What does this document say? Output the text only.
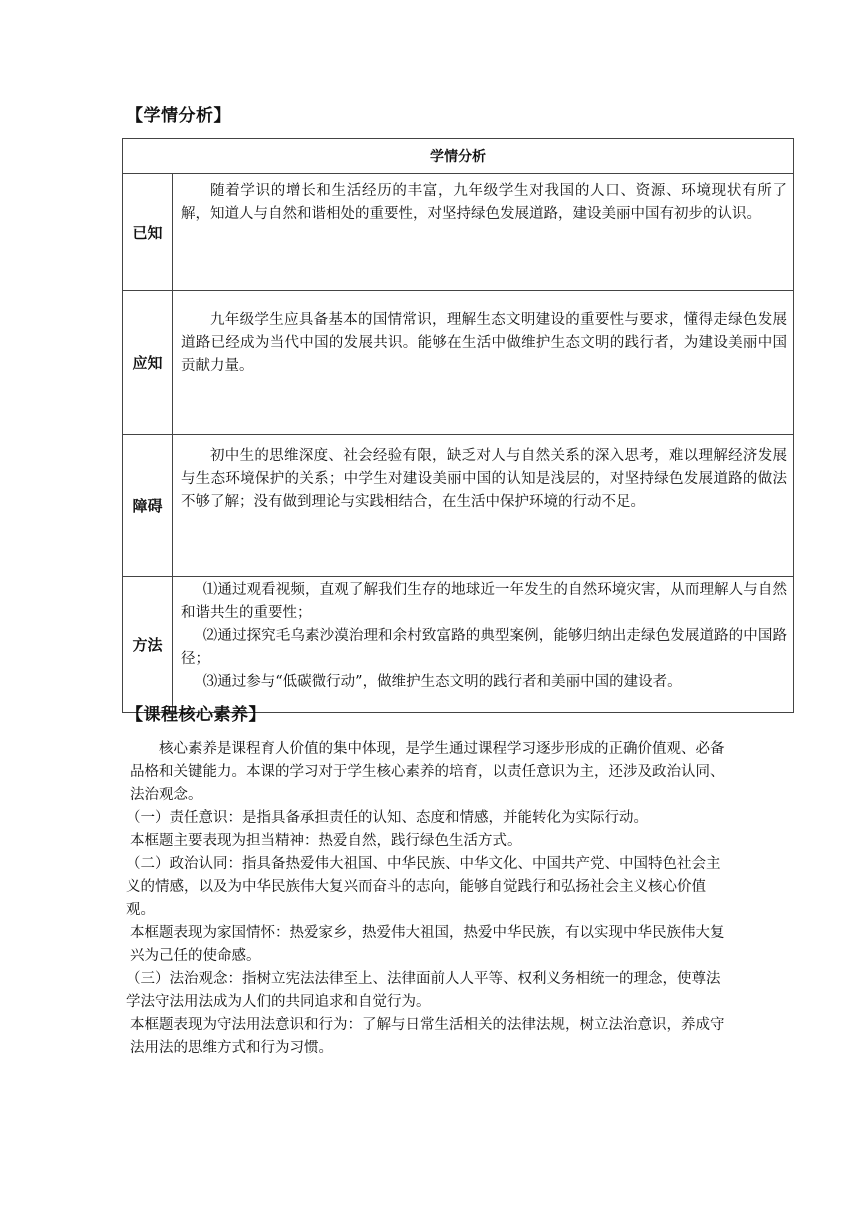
【学情分析】
学情分析	
已知	随着学识的增长和生活经历的丰富，九年级学生对我国的人口、资源、环境现状有所了解，知道人与自然和谐相处的重要性，对坚持绿色发展道路，建设美丽中国有初步的认识。

应知	九年级学生应具备基本的国情常识，理解生态文明建设的重要性与要求，懂得走绿色发展道路已经成为当代中国的发展共识。能够在生活中做维护生态文明的践行者，为建设美丽中国贡献力量。

障碍	初中生的思维深度、社会经验有限，缺乏对人与自然关系的深入思考，难以理解经济发展与生态环境保护的关系；中学生对建设美丽中国的认知是浅层的，对坚持绿色发展道路的做法不够了解；没有做到理论与实践相结合，在生活中保护环境的行动不足。

方法	⑴通过观看视频，直观了解我们生存的地球近一年发生的自然环境灾害，从而理解人与自然和谐共生的重要性；

⑵通过探究毛乌素沙漠治理和余村致富路的典型案例，能够归纳出走绿色发展道路的中国路径；

⑶通过参与“低碳微行动”，做维护生态文明的践行者和美丽中国的建设者。

【课程核心素养】

核心素养是课程育人价值的集中体现，是学生通过课程学习逐步形成的正确价值观、必备品格和关键能力。本课的学习对于学生核心素养的培育，以责任意识为主，还涉及政治认同、法治观念。

（一）责任意识：是指具备承担责任的认知、态度和情感，并能转化为实际行动。

本框题主要表现为担当精神：热爱自然，践行绿色生活方式。

（二）政治认同：指具备热爱伟大祖国、中华民族、中华文化、中国共产党、中国特色社会主义的情感，以及为中华民族伟大复兴而奋斗的志向，能够自觉践行和弘扬社会主义核心价值观。

本框题表现为家国情怀：热爱家乡，热爱伟大祖国，热爱中华民族，有以实现中华民族伟大复兴为己任的使命感。

（三）法治观念：指树立宪法法律至上、法律面前人人平等、权利义务相统一的理念，使尊法学法守法用法成为人们的共同追求和自觉行为。

本框题表现为守法用法意识和行为：了解与日常生活相关的法律法规，树立法治意识，养成守法用法的思维方式和行为习惯。
